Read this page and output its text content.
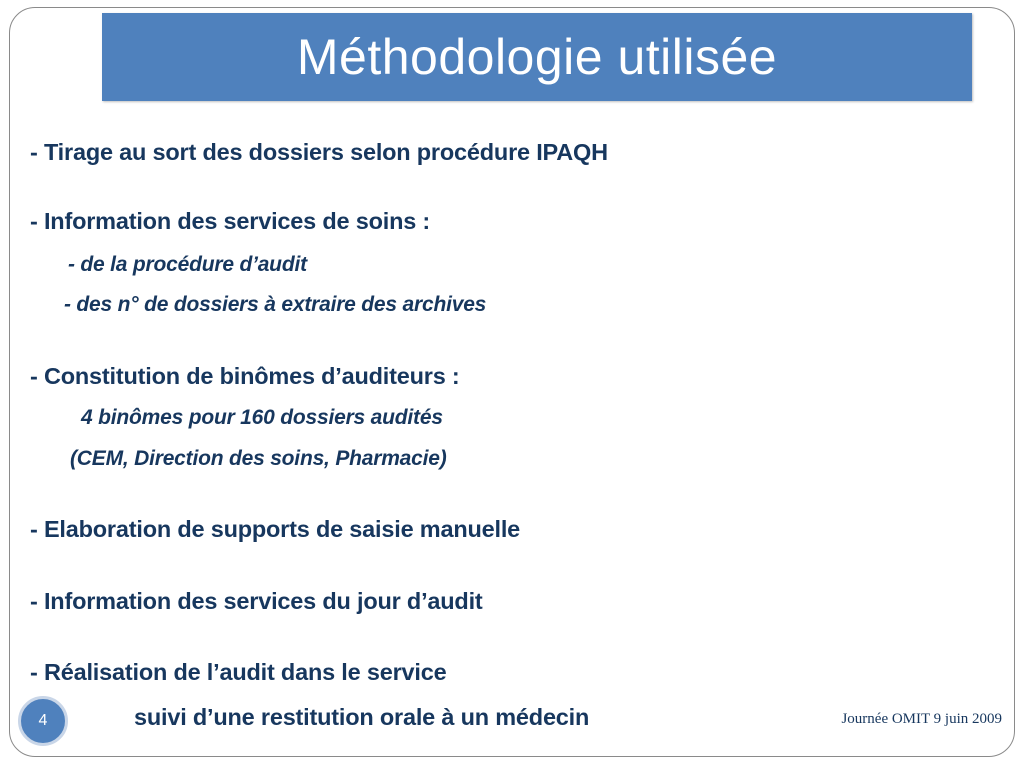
Méthodologie utilisée
- Tirage au sort des dossiers selon procédure IPAQH
- Information des services de soins :
- de la procédure d’audit
- des n° de dossiers à extraire des archives
- Constitution de binômes d’auditeurs :
4 binômes pour 160 dossiers audités
(CEM, Direction des soins, Pharmacie)
- Elaboration de supports de saisie manuelle
- Information des services du jour d’audit
- Réalisation de l’audit dans le service
suivi d’une restitution orale à un médecin
4	Journée OMIT 9 juin 2009
